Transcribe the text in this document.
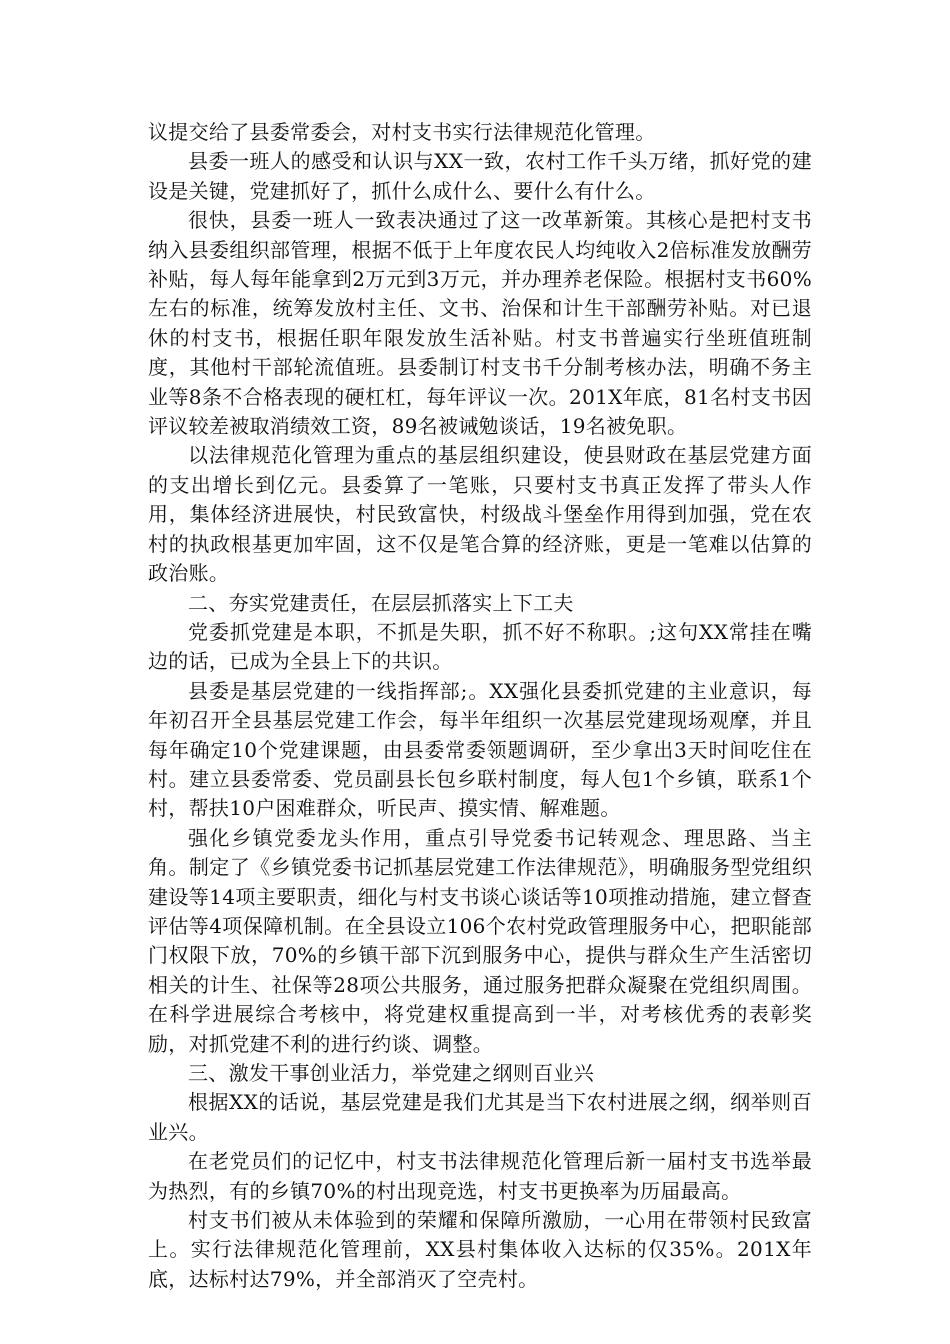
议提交给了县委常委会，对村支书实行法律规范化管理。

县委一班人的感受和认识与XX一致，农村工作千头万绪，抓好党的建设是关键，党建抓好了，抓什么成什么、要什么有什么。

很快，县委一班人一致表决通过了这一改革新策。其核心是把村支书纳入县委组织部管理，根据不低于上年度农民人均纯收入2倍标准发放酬劳补贴，每人每年能拿到2万元到3万元，并办理养老保险。根据村支书60%左右的标准，统筹发放村主任、文书、治保和计生干部酬劳补贴。对已退休的村支书，根据任职年限发放生活补贴。村支书普遍实行坐班值班制度，其他村干部轮流值班。县委制订村支书千分制考核办法，明确不务主业等8条不合格表现的硬杠杠，每年评议一次。201X年底，81名村支书因评议较差被取消绩效工资，89名被诫勉谈话，19名被免职。

以法律规范化管理为重点的基层组织建设，使县财政在基层党建方面的支出增长到亿元。县委算了一笔账，只要村支书真正发挥了带头人作用，集体经济进展快，村民致富快，村级战斗堡垒作用得到加强，党在农村的执政根基更加牢固，这不仅是笔合算的经济账，更是一笔难以估算的政治账。

二、夯实党建责任，在层层抓落实上下工夫

党委抓党建是本职，不抓是失职，抓不好不称职。;这句XX常挂在嘴边的话，已成为全县上下的共识。

县委是基层党建的一线指挥部;。XX强化县委抓党建的主业意识，每年初召开全县基层党建工作会，每半年组织一次基层党建现场观摩，并且每年确定10个党建课题，由县委常委领题调研，至少拿出3天时间吃住在村。建立县委常委、党员副县长包乡联村制度，每人包1个乡镇，联系1个村，帮扶10户困难群众，听民声、摸实情、解难题。

强化乡镇党委龙头作用，重点引导党委书记转观念、理思路、当主角。制定了《乡镇党委书记抓基层党建工作法律规范》，明确服务型党组织建设等14项主要职责，细化与村支书谈心谈话等10项推动措施，建立督查评估等4项保障机制。在全县设立106个农村党政管理服务中心，把职能部门权限下放，70%的乡镇干部下沉到服务中心，提供与群众生产生活密切相关的计生、社保等28项公共服务，通过服务把群众凝聚在党组织周围。在科学进展综合考核中，将党建权重提高到一半，对考核优秀的表彰奖励，对抓党建不利的进行约谈、调整。

三、激发干事创业活力，举党建之纲则百业兴

根据XX的话说，基层党建是我们尤其是当下农村进展之纲，纲举则百业兴。

在老党员们的记忆中，村支书法律规范化管理后新一届村支书选举最为热烈，有的乡镇70%的村出现竞选，村支书更换率为历届最高。

村支书们被从未体验到的荣耀和保障所激励，一心用在带领村民致富上。实行法律规范化管理前，XX县村集体收入达标的仅35%。201X年底，达标村达79%，并全部消灭了空壳村。
